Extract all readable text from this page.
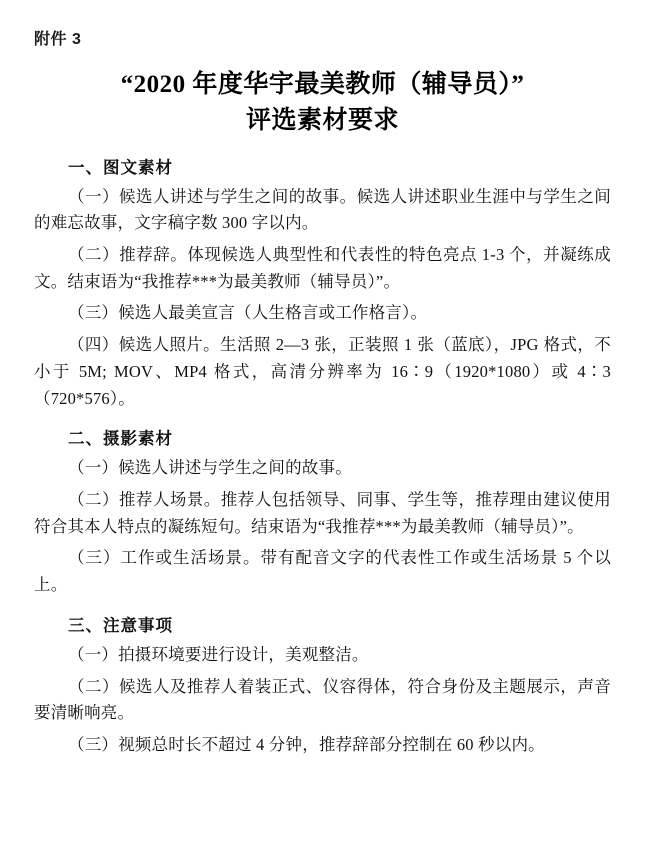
附件 3
“2020 年度华宇最美教师（辅导员）”
评选素材要求
一、图文素材

（一）候选人讲述与学生之间的故事。候选人讲述职业生涯中与学生之间的难忘故事，文字稿字数 300 字以内。

（二）推荐辞。体现候选人典型性和代表性的特色亮点 1-3 个，并凝练成文。结束语为“我推荐***为最美教师（辅导员）”。

（三）候选人最美宣言（人生格言或工作格言）。

（四）候选人照片。生活照 2—3 张，正装照 1 张（蓝底），JPG 格式，不小于 5M; MOV、MP4 格式，高清分辨率为 16∶9（1920*1080）或 4∶3（720*576）。

二、摄影素材

（一）候选人讲述与学生之间的故事。

（二）推荐人场景。推荐人包括领导、同事、学生等，推荐理由建议使用符合其本人特点的凝练短句。结束语为“我推荐***为最美教师（辅导员）”。

（三）工作或生活场景。带有配音文字的代表性工作或生活场景 5 个以上。

三、注意事项

（一）拍摄环境要进行设计，美观整洁。

（二）候选人及推荐人着装正式、仪容得体，符合身份及主题展示，声音要清晰响亮。

（三）视频总时长不超过 4 分钟，推荐辞部分控制在 60 秒以内。
